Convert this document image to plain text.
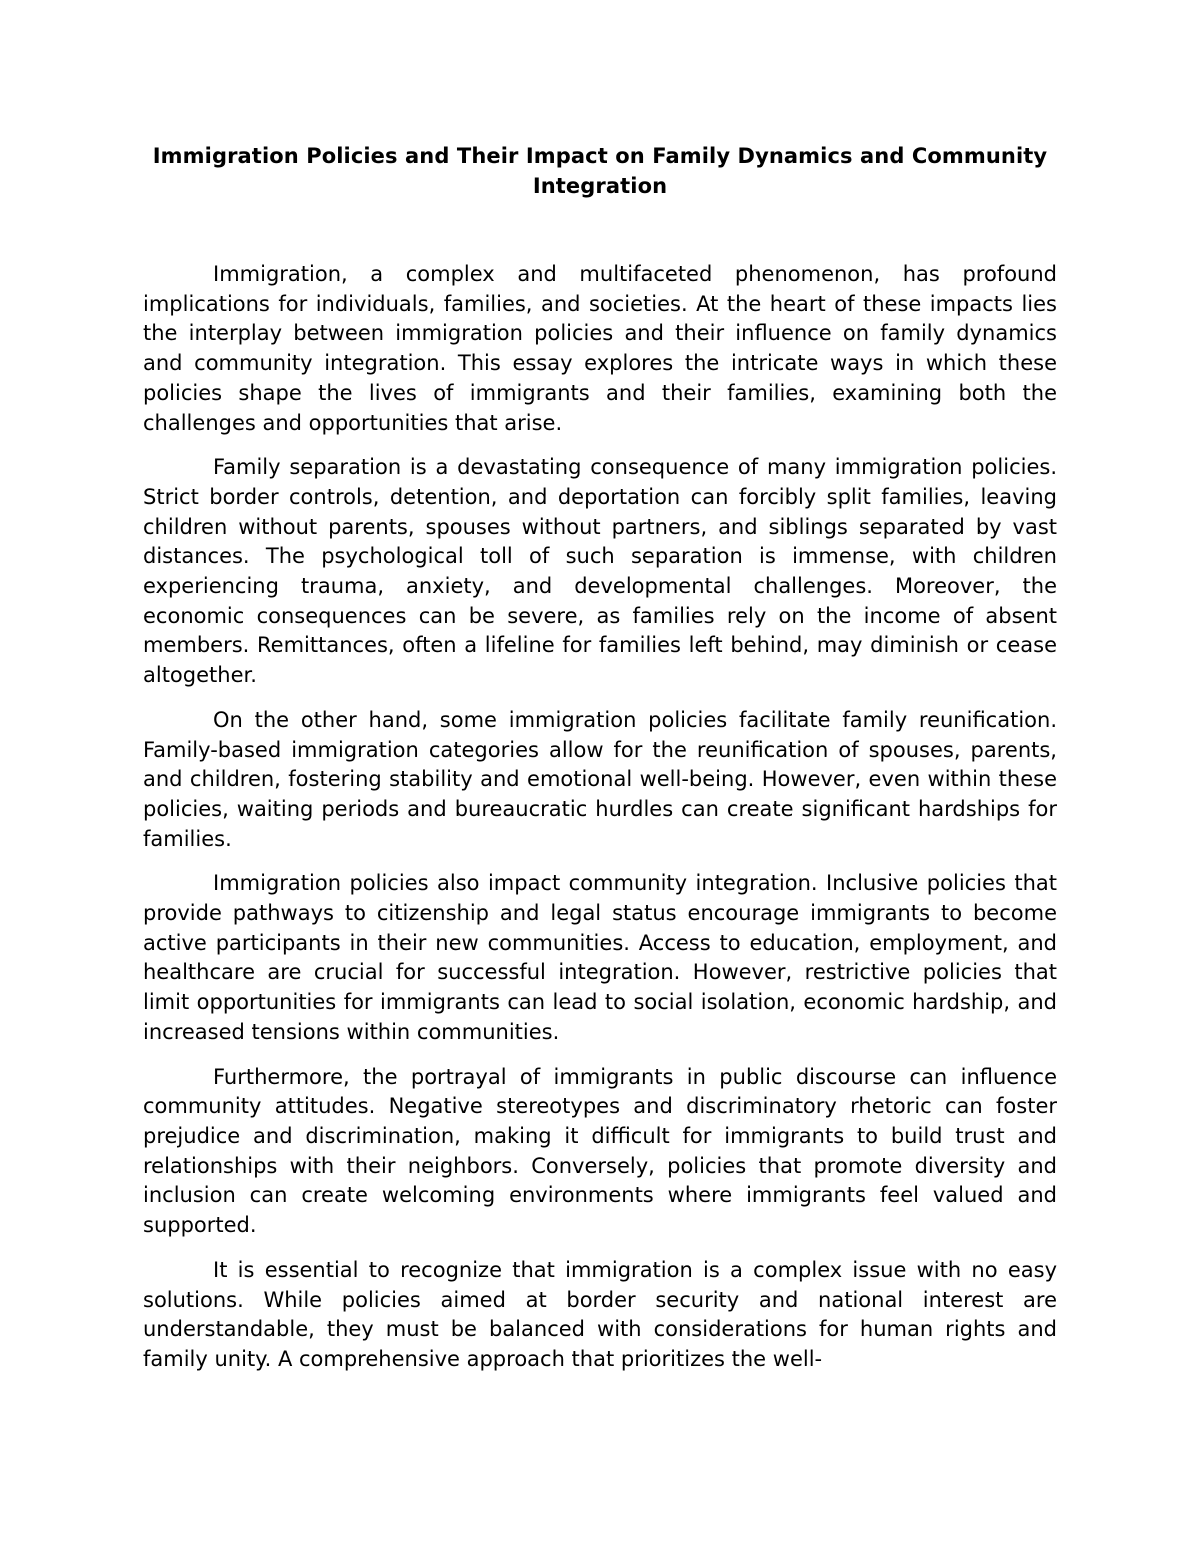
Immigration Policies and Their Impact on Family Dynamics and Community Integration

Immigration, a complex and multifaceted phenomenon, has profound implications for individuals, families, and societies. At the heart of these impacts lies the interplay between immigration policies and their influence on family dynamics and community integration. This essay explores the intricate ways in which these policies shape the lives of immigrants and their families, examining both the challenges and opportunities that arise.

Family separation is a devastating consequence of many immigration policies. Strict border controls, detention, and deportation can forcibly split families, leaving children without parents, spouses without partners, and siblings separated by vast distances. The psychological toll of such separation is immense, with children experiencing trauma, anxiety, and developmental challenges. Moreover, the economic consequences can be severe, as families rely on the income of absent members. Remittances, often a lifeline for families left behind, may diminish or cease altogether.

On the other hand, some immigration policies facilitate family reunification. Family-based immigration categories allow for the reunification of spouses, parents, and children, fostering stability and emotional well-being. However, even within these policies, waiting periods and bureaucratic hurdles can create significant hardships for families.

Immigration policies also impact community integration. Inclusive policies that provide pathways to citizenship and legal status encourage immigrants to become active participants in their new communities. Access to education, employment, and healthcare are crucial for successful integration. However, restrictive policies that limit opportunities for immigrants can lead to social isolation, economic hardship, and increased tensions within communities.

Furthermore, the portrayal of immigrants in public discourse can influence community attitudes. Negative stereotypes and discriminatory rhetoric can foster prejudice and discrimination, making it difficult for immigrants to build trust and relationships with their neighbors. Conversely, policies that promote diversity and inclusion can create welcoming environments where immigrants feel valued and supported.

It is essential to recognize that immigration is a complex issue with no easy solutions. While policies aimed at border security and national interest are understandable, they must be balanced with considerations for human rights and family unity. A comprehensive approach that prioritizes the well-
